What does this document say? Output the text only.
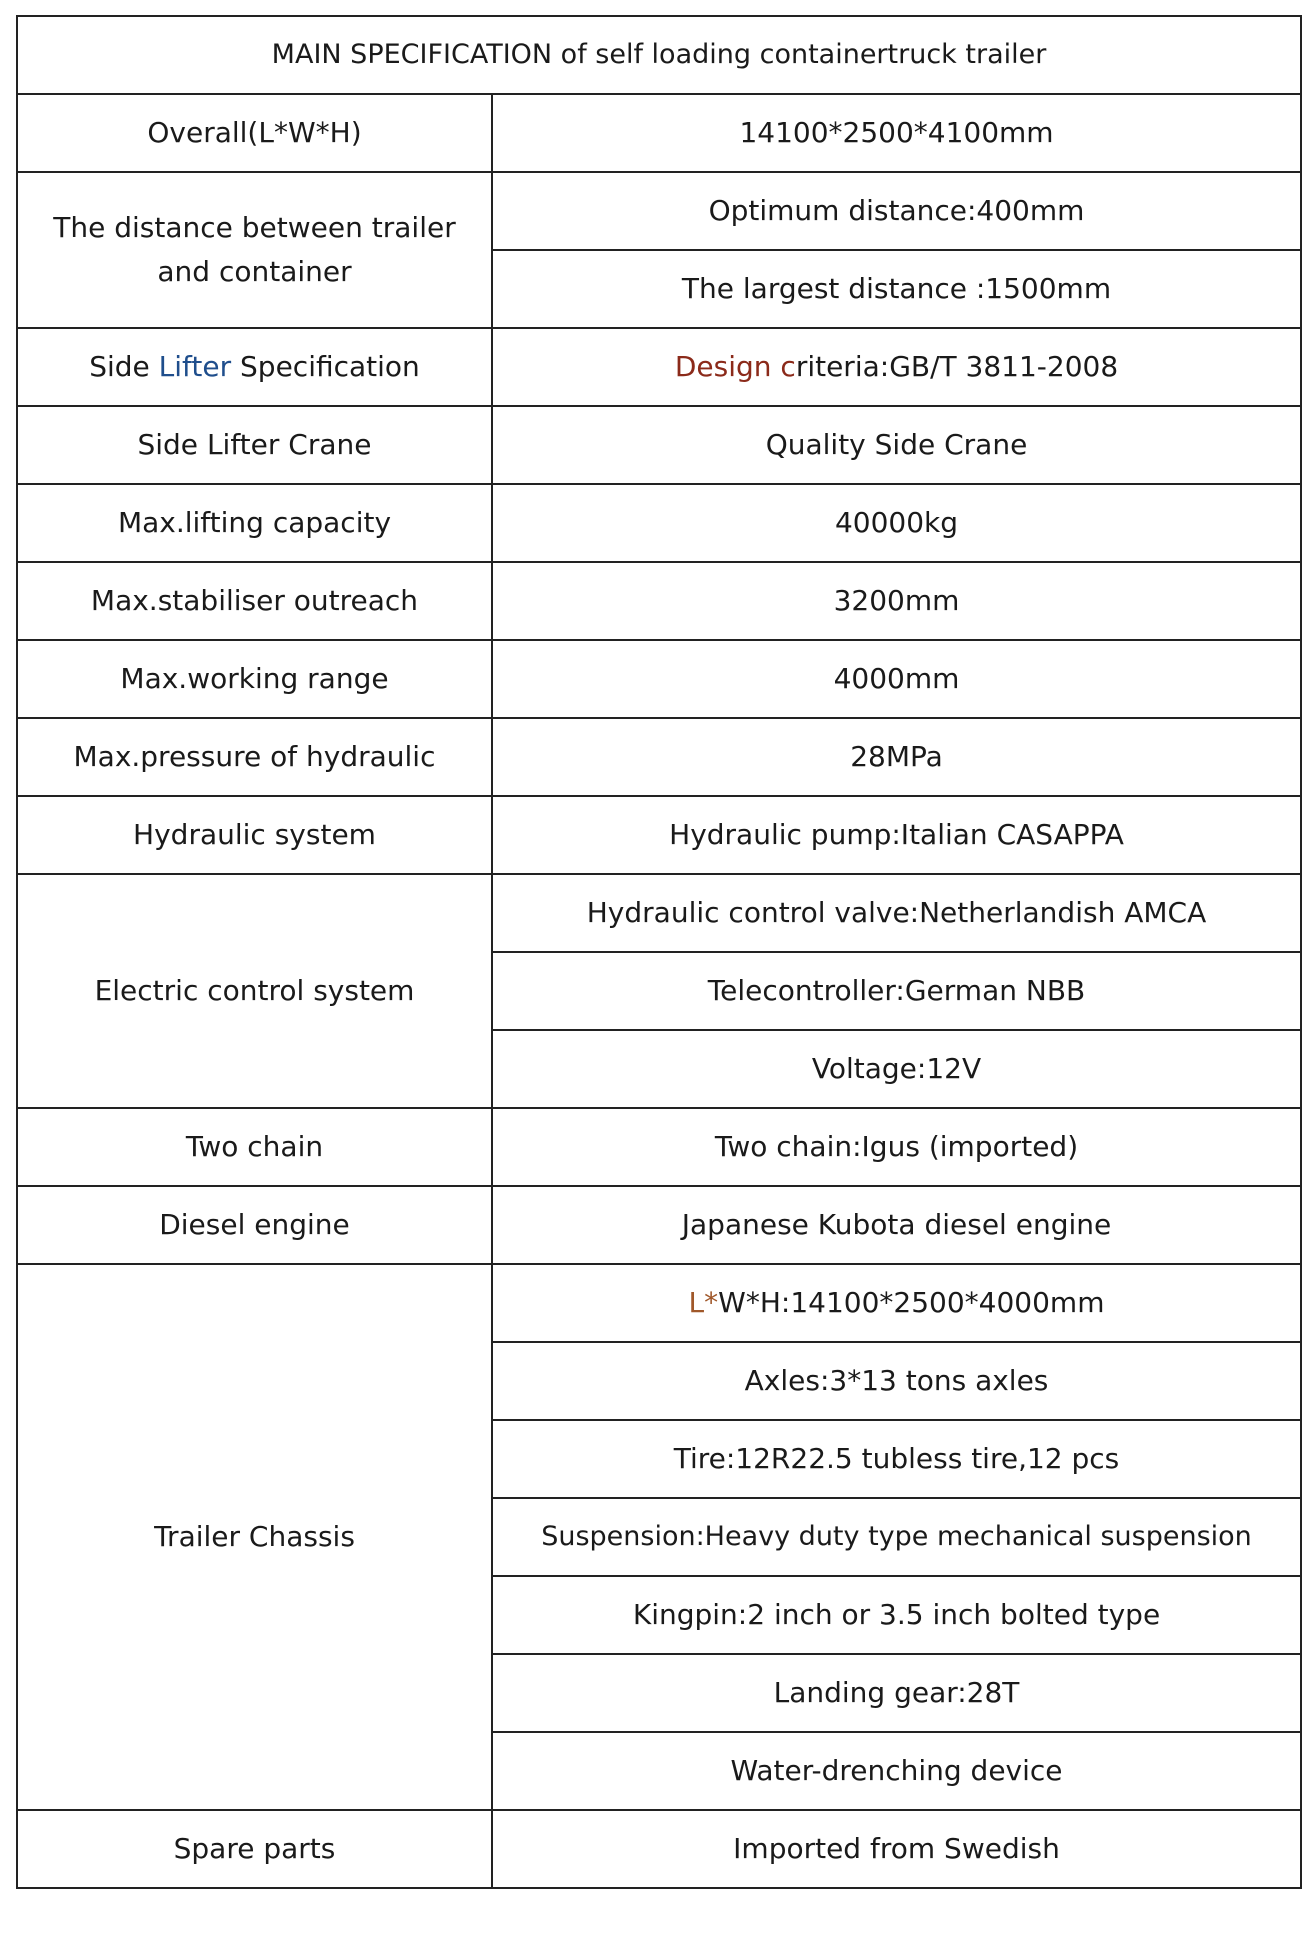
MAIN SPECIFICATION of self loading containertruck trailer	
Overall(L*W*H)	14100*2500*4100mm
The distance between trailer and container	Optimum distance:400mm
	The largest distance :1500mm
Side Lifter Specification	Design criteria:GB/T 3811-2008
Side Lifter Crane	Quality Side Crane
Max.lifting capacity	40000kg
Max.stabiliser outreach	3200mm
Max.working range	4000mm
Max.pressure of hydraulic	28MPa
Hydraulic system	Hydraulic pump:Italian CASAPPA
Electric control system	Hydraulic control valve:Netherlandish AMCA
	Telecontroller:German NBB
	Voltage:12V
Two chain	Two chain:Igus (imported)
Diesel engine	Japanese Kubota diesel engine
Trailer Chassis	L*W*H:14100*2500*4000mm
	Axles:3*13 tons axles
	Tire:12R22.5 tubless tire,12 pcs
	Suspension:Heavy duty type mechanical suspension
	Kingpin:2 inch or 3.5 inch bolted type
	Landing gear:28T
	Water-drenching device
Spare parts	Imported from Swedish
